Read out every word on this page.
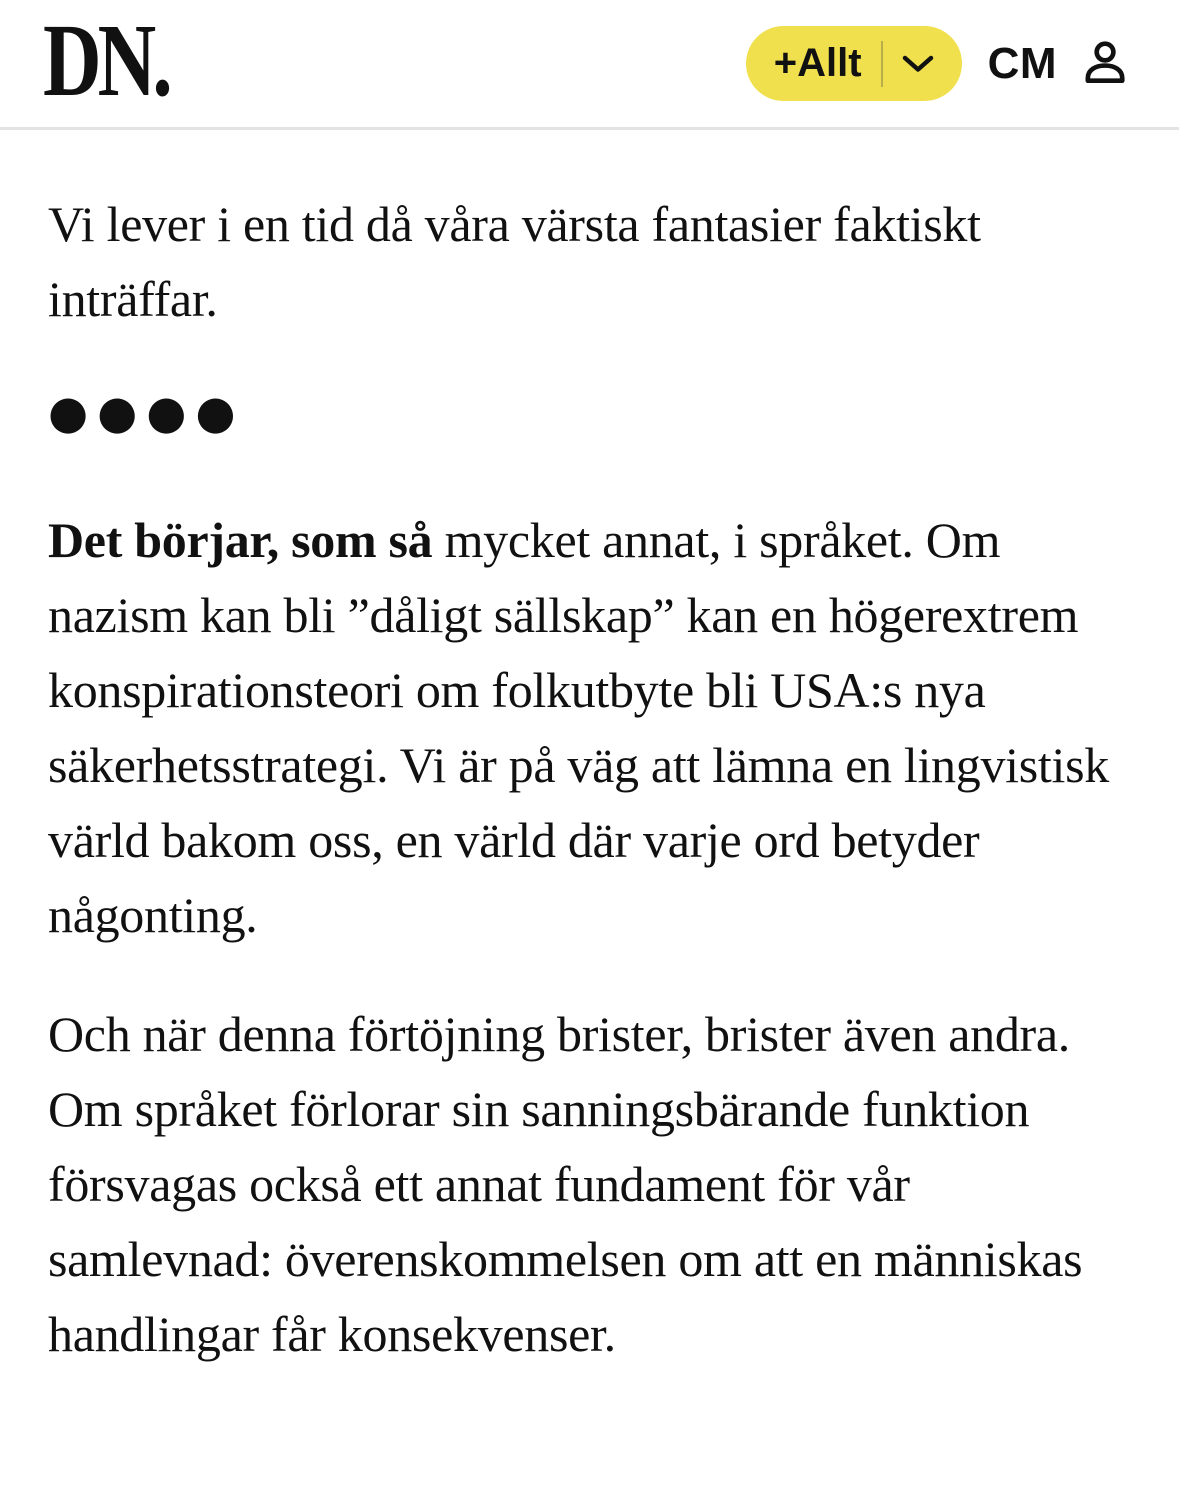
DN.	+Allt	CM

Vi lever i en tid då våra värsta fantasier faktiskt inträffar.

●●●●

Det börjar, som så mycket annat, i språket. Om nazism kan bli ”dåligt sällskap” kan en högerextrem konspirationsteori om folkutbyte bli USA:s nya säkerhetsstrategi. Vi är på väg att lämna en lingvistisk värld bakom oss, en värld där varje ord betyder någonting.

Och när denna förtöjning brister, brister även andra. Om språket förlorar sin sanningsbärande funktion försvagas också ett annat fundament för vår samlevnad: överenskommelsen om att en människas handlingar får konsekvenser.
